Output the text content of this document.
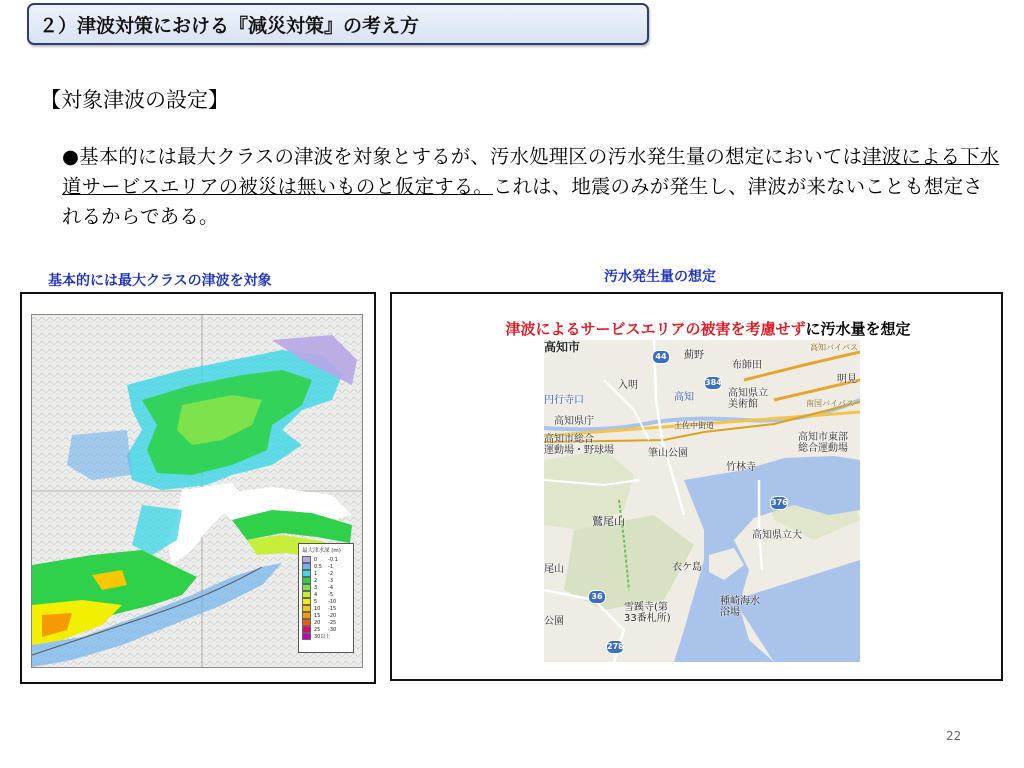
２）津波対策における『減災対策』の考え方
【対象津波の設定】
●基本的には最大クラスの津波を対象とするが、汚水処理区の汚水発生量の想定においては津波による下水道サービスエリアの被災は無いものと仮定する。これは、地震のみが発生し、津波が来ないことも想定されるからである。
基本的には最大クラスの津波を対象	汚水発生量の想定
最大津水深 (m)
0	- 0.1
0.5	- 1
1	- 2
2	- 3
3	- 4
4	- 5
5	- 10
10	- 15
15	- 20
20	- 25
25	- 30
30以上
津波によるサービスエリアの被害を考慮せずに汚水量を想定
高知市
薊野
布師田
高知バイパス
明見
入明
円行寺口	高知	高知県立
美術館	南国バイパス
高知県庁	土佐中街道
高知市総合
運動場・野球場	筆山公園
高知市東部
総合運動場
竹林寺
鷲尾山
高知県立大
衣ケ島
尾山
雪蹊寺(第
33番札所)
種崎海水
浴場
公園
44
384
376
36
278
22
